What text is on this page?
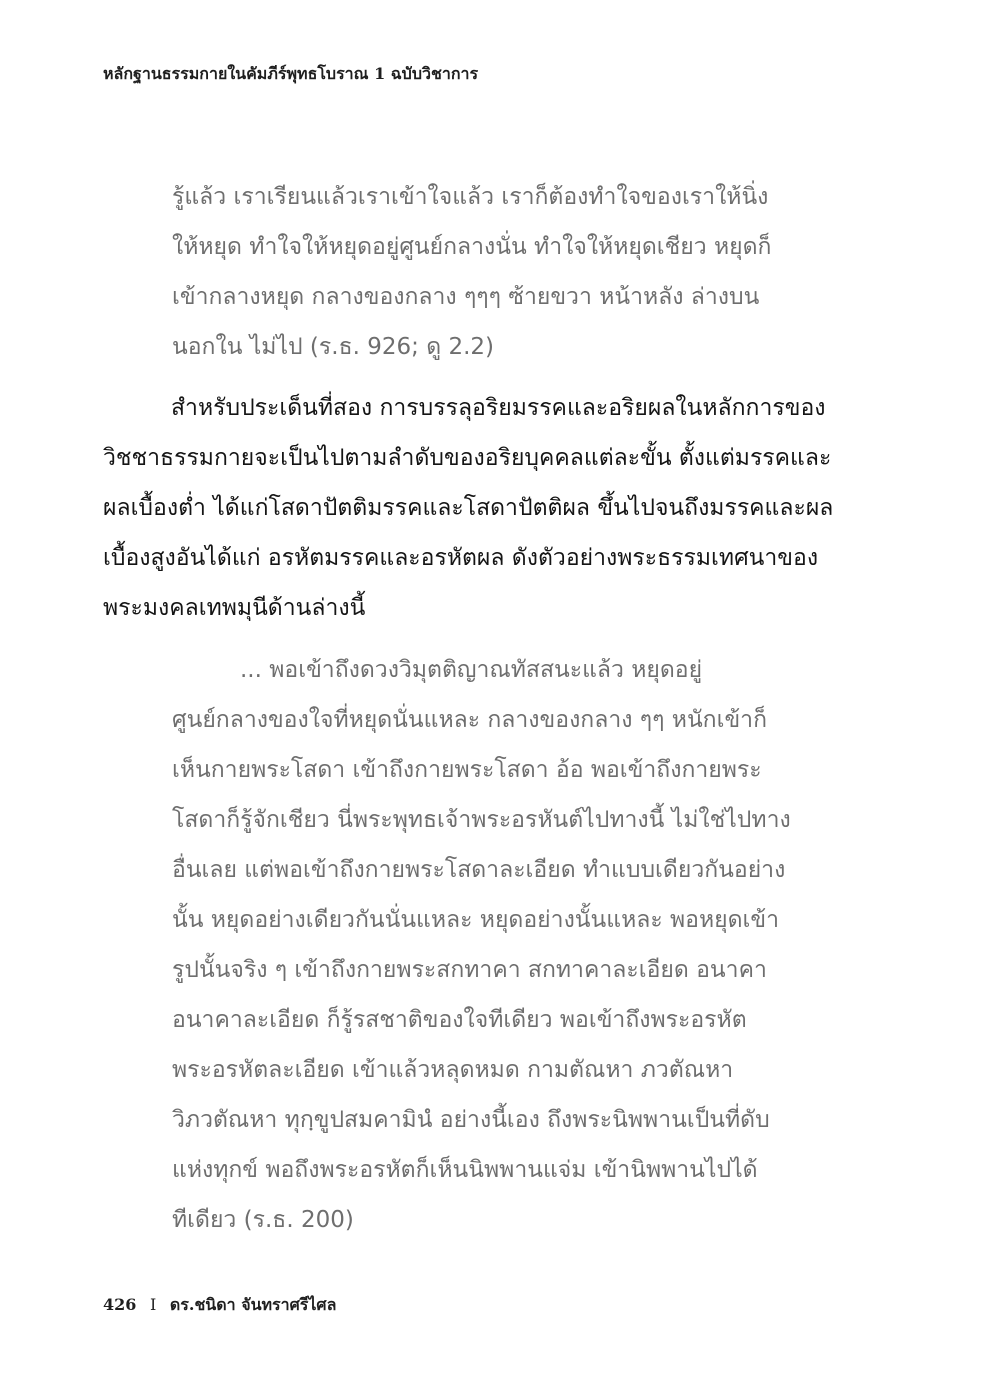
หลักฐานธรรมกายในคัมภีร์พุทธโบราณ 1 ฉบับวิชาการ
รู้แล้ว เราเรียนแล้วเราเข้าใจแล้ว เราก็ต้องทำใจของเราให้นิ่ง
ให้หยุด ทำใจให้หยุดอยู่ศูนย์กลางนั่น ทำใจให้หยุดเชียว หยุดก็
เข้ากลางหยุด กลางของกลาง ๆๆๆ ซ้ายขวา หน้าหลัง ล่างบน
นอกใน ไม่ไป (ร.ธ. 926; ดู 2.2)
สำหรับประเด็นที่สอง การบรรลุอริยมรรคและอริยผลในหลักการของ
วิชชาธรรมกายจะเป็นไปตามลำดับของอริยบุคคลแต่ละขั้น ตั้งแต่มรรคและ
ผลเบื้องต่ำ ได้แก่โสดาปัตติมรรคและโสดาปัตติผล ขึ้นไปจนถึงมรรคและผล
เบื้องสูงอันได้แก่ อรหัตมรรคและอรหัตผล ดังตัวอย่างพระธรรมเทศนาของ
พระมงคลเทพมุนีด้านล่างนี้
... พอเข้าถึงดวงวิมุตติญาณทัสสนะแล้ว หยุดอยู่
ศูนย์กลางของใจที่หยุดนั่นแหละ กลางของกลาง ๆๆ หนักเข้าก็
เห็นกายพระโสดา เข้าถึงกายพระโสดา อ้อ พอเข้าถึงกายพระ
โสดาก็รู้จักเชียว นี่พระพุทธเจ้าพระอรหันต์ไปทางนี้ ไม่ใช่ไปทาง
อื่นเลย แต่พอเข้าถึงกายพระโสดาละเอียด ทำแบบเดียวกันอย่าง
นั้น หยุดอย่างเดียวกันนั่นแหละ หยุดอย่างนั้นแหละ พอหยุดเข้า
รูปนั้นจริง ๆ เข้าถึงกายพระสกทาคา สกทาคาละเอียด อนาคา
อนาคาละเอียด ก็รู้รสชาติของใจทีเดียว พอเข้าถึงพระอรหัต
พระอรหัตละเอียด เข้าแล้วหลุดหมด กามตัณหา ภวตัณหา
วิภวตัณหา ทุกฺขูปสมคามินํ อย่างนี้เอง ถึงพระนิพพานเป็นที่ดับ
แห่งทุกข์ พอถึงพระอรหัตก็เห็นนิพพานแจ่ม เข้านิพพานไปได้
ทีเดียว (ร.ธ. 200)
426 I ดร.ชนิดา จันทราศรีไศล
